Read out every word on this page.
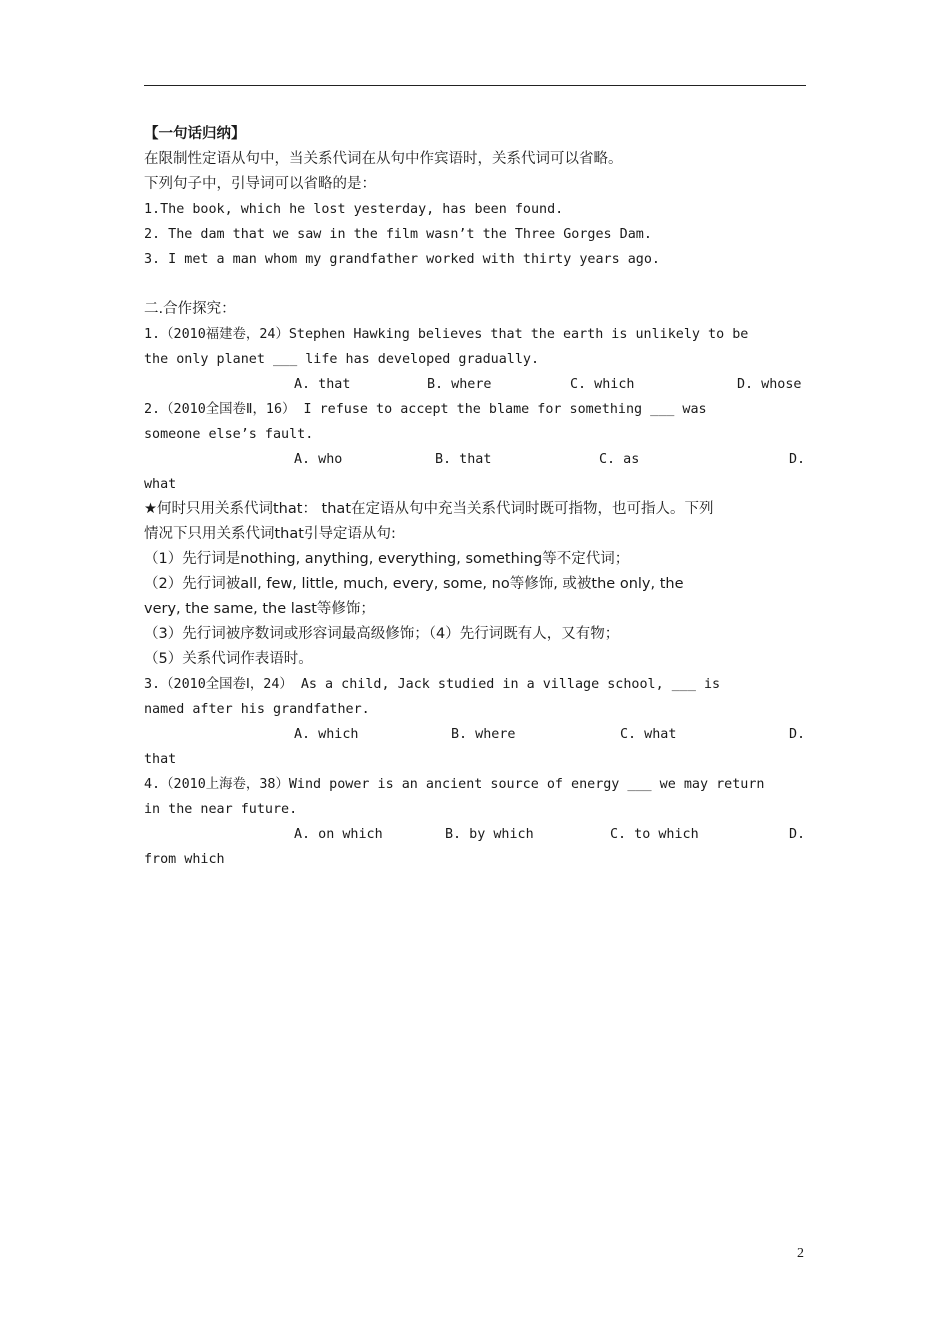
【一句话归纳】
在限制性定语从句中，当关系代词在从句中作宾语时，关系代词可以省略。
下列句子中，引导词可以省略的是：
1.The book, which he lost yesterday, has been found.
2. The dam that we saw in the film wasn’t the Three Gorges Dam.
3. I met a man whom my grandfather worked with thirty years ago.
二.合作探究：
1.（2010福建卷，24）Stephen Hawking believes that the earth is unlikely to be
the only planet ___ life has developed gradually.
A. that	B. where	C. which	D. whose
2.（2010全国卷Ⅱ，16） I refuse to accept the blame for something ___ was
someone else’s fault.
A. who	B. that	C. as	D.
what
★何时只用关系代词that： that在定语从句中充当关系代词时既可指物，也可指人。下列
情况下只用关系代词that引导定语从句:
（1）先行词是nothing, anything, everything, something等不定代词；
（2）先行词被all, few, little, much, every, some, no等修饰, 或被the only, the
very, the same, the last等修饰；
（3）先行词被序数词或形容词最高级修饰；（4）先行词既有人，又有物；
（5）关系代词作表语时。
3.（2010全国卷Ⅰ，24） As a child, Jack studied in a village school, ___ is
named after his grandfather.
A. which	B. where	C. what	D.
that
4.（2010上海卷，38）Wind power is an ancient source of energy ___ we may return
in the near future.
A. on which	B. by which	C. to which	D.
from which
2
